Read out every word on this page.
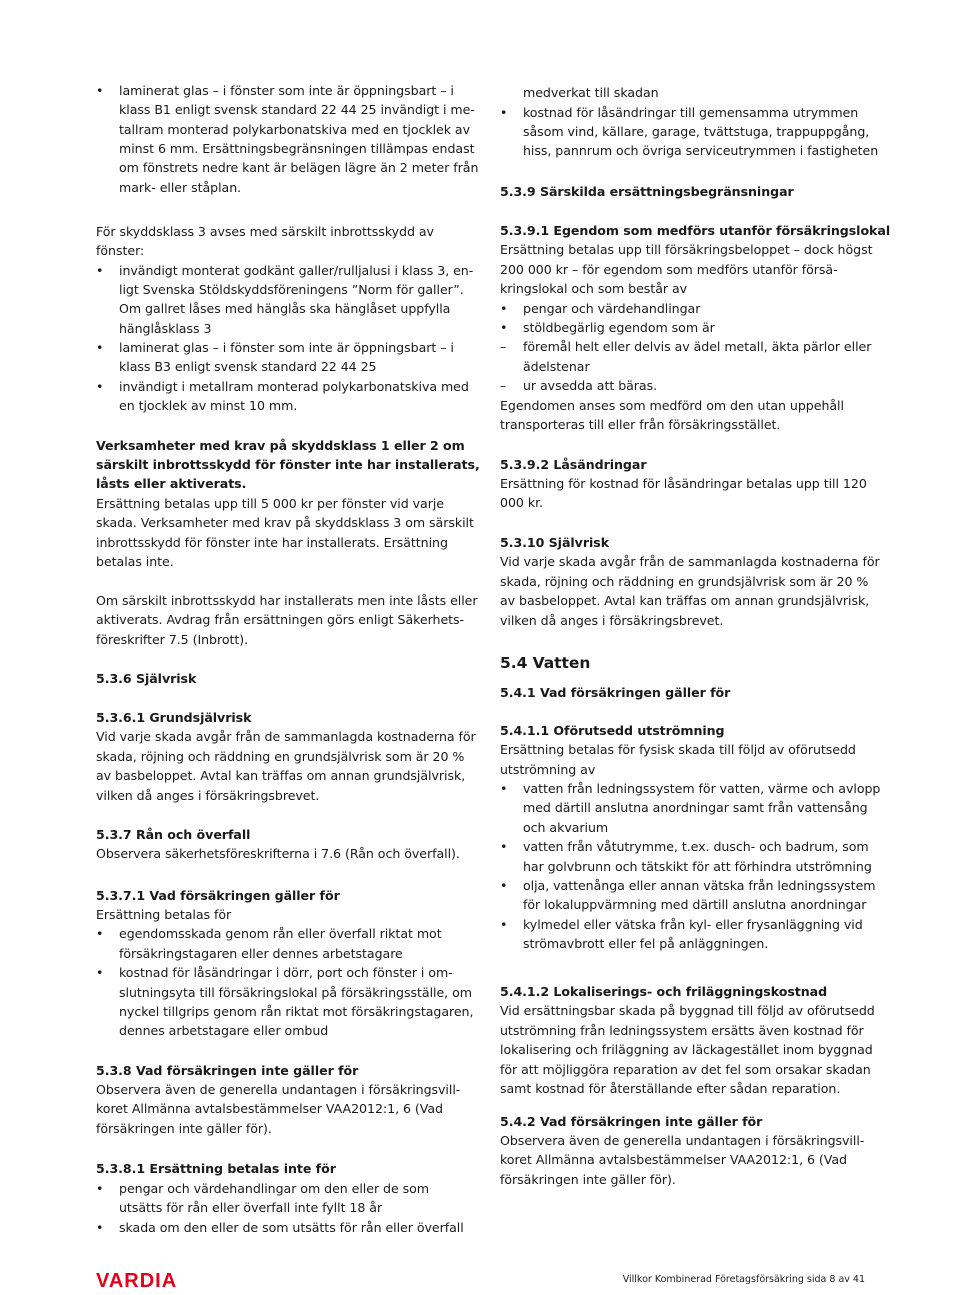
• laminerat glas – i fönster som inte är öppningsbart – i
klass B1 enligt svensk standard 22 44 25 invändigt i me-
tallram monterad polykarbonatskiva med en tjocklek av
minst 6 mm. Ersättningsbegränsningen tillämpas endast
om fönstrets nedre kant är belägen lägre än 2 meter från
mark- eller ståplan.
För skyddsklass 3 avses med särskilt inbrottsskydd av
fönster:
• invändigt monterat godkänt galler/rulljalusi i klass 3, en-
ligt Svenska Stöldskyddsföreningens ”Norm för galler”.
Om gallret låses med hänglås ska hänglåset uppfylla
hänglåsklass 3
• laminerat glas – i fönster som inte är öppningsbart – i
klass B3 enligt svensk standard 22 44 25
• invändigt i metallram monterad polykarbonatskiva med
en tjocklek av minst 10 mm.
Verksamheter med krav på skyddsklass 1 eller 2 om
särskilt inbrottsskydd för fönster inte har installerats,
låsts eller aktiverats.
Ersättning betalas upp till 5 000 kr per fönster vid varje
skada. Verksamheter med krav på skyddsklass 3 om särskilt
inbrottsskydd för fönster inte har installerats. Ersättning
betalas inte.
Om särskilt inbrottsskydd har installerats men inte låsts eller
aktiverats. Avdrag från ersättningen görs enligt Säkerhets-
föreskrifter 7.5 (Inbrott).
5.3.6 Självrisk
5.3.6.1 Grundsjälvrisk
Vid varje skada avgår från de sammanlagda kostnaderna för
skada, röjning och räddning en grundsjälvrisk som är 20 %
av basbeloppet. Avtal kan träffas om annan grundsjälvrisk,
vilken då anges i försäkringsbrevet.
5.3.7 Rån och överfall
Observera säkerhetsföreskrifterna i 7.6 (Rån och överfall).
5.3.7.1 Vad försäkringen gäller för
Ersättning betalas för
• egendomsskada genom rån eller överfall riktat mot
försäkringstagaren eller dennes arbetstagare
• kostnad för låsändringar i dörr, port och fönster i om-
slutningsyta till försäkringslokal på försäkringsställe, om
nyckel tillgrips genom rån riktat mot försäkringstagaren,
dennes arbetstagare eller ombud
5.3.8 Vad försäkringen inte gäller för
Observera även de generella undantagen i försäkringsvill-
koret Allmänna avtalsbestämmelser VAA2012:1, 6 (Vad
försäkringen inte gäller för).
5.3.8.1 Ersättning betalas inte för
• pengar och värdehandlingar om den eller de som
utsätts för rån eller överfall inte fyllt 18 år
• skada om den eller de som utsätts för rån eller överfall
medverkat till skadan
• kostnad för låsändringar till gemensamma utrymmen
såsom vind, källare, garage, tvättstuga, trappuppgång,
hiss, pannrum och övriga serviceutrymmen i fastigheten
5.3.9 Särskilda ersättningsbegränsningar
5.3.9.1 Egendom som medförs utanför försäkringslokal
Ersättning betalas upp till försäkringsbeloppet – dock högst
200 000 kr – för egendom som medförs utanför försä-
kringslokal och som består av
• pengar och värdehandlingar
• stöldbegärlig egendom som är
– föremål helt eller delvis av ädel metall, äkta pärlor eller
ädelstenar
– ur avsedda att bäras.
Egendomen anses som medförd om den utan uppehåll
transporteras till eller från försäkringsstället.
5.3.9.2 Låsändringar
Ersättning för kostnad för låsändringar betalas upp till 120
000 kr.
5.3.10 Självrisk
Vid varje skada avgår från de sammanlagda kostnaderna för
skada, röjning och räddning en grundsjälvrisk som är 20 %
av basbeloppet. Avtal kan träffas om annan grundsjälvrisk,
vilken då anges i försäkringsbrevet.
5.4 Vatten
5.4.1 Vad försäkringen gäller för
5.4.1.1 Oförutsedd utströmning
Ersättning betalas för fysisk skada till följd av oförutsedd
utströmning av
• vatten från ledningssystem för vatten, värme och avlopp
med därtill anslutna anordningar samt från vattensång
och akvarium
• vatten från våtutrymme, t.ex. dusch- och badrum, som
har golvbrunn och tätskikt för att förhindra utströmning
• olja, vattenånga eller annan vätska från ledningssystem
för lokaluppvärmning med därtill anslutna anordningar
• kylmedel eller vätska från kyl- eller frysanläggning vid
strömavbrott eller fel på anläggningen.
5.4.1.2 Lokaliserings- och friläggningskostnad
Vid ersättningsbar skada på byggnad till följd av oförutsedd
utströmning från ledningssystem ersätts även kostnad för
lokalisering och friläggning av läckagestället inom byggnad
för att möjliggöra reparation av det fel som orsakar skadan
samt kostnad för återställande efter sådan reparation.
5.4.2 Vad försäkringen inte gäller för
Observera även de generella undantagen i försäkringsvill-
koret Allmänna avtalsbestämmelser VAA2012:1, 6 (Vad
försäkringen inte gäller för).
VARDIA	Villkor Kombinerad Företagsförsäkring sida 8 av 41
